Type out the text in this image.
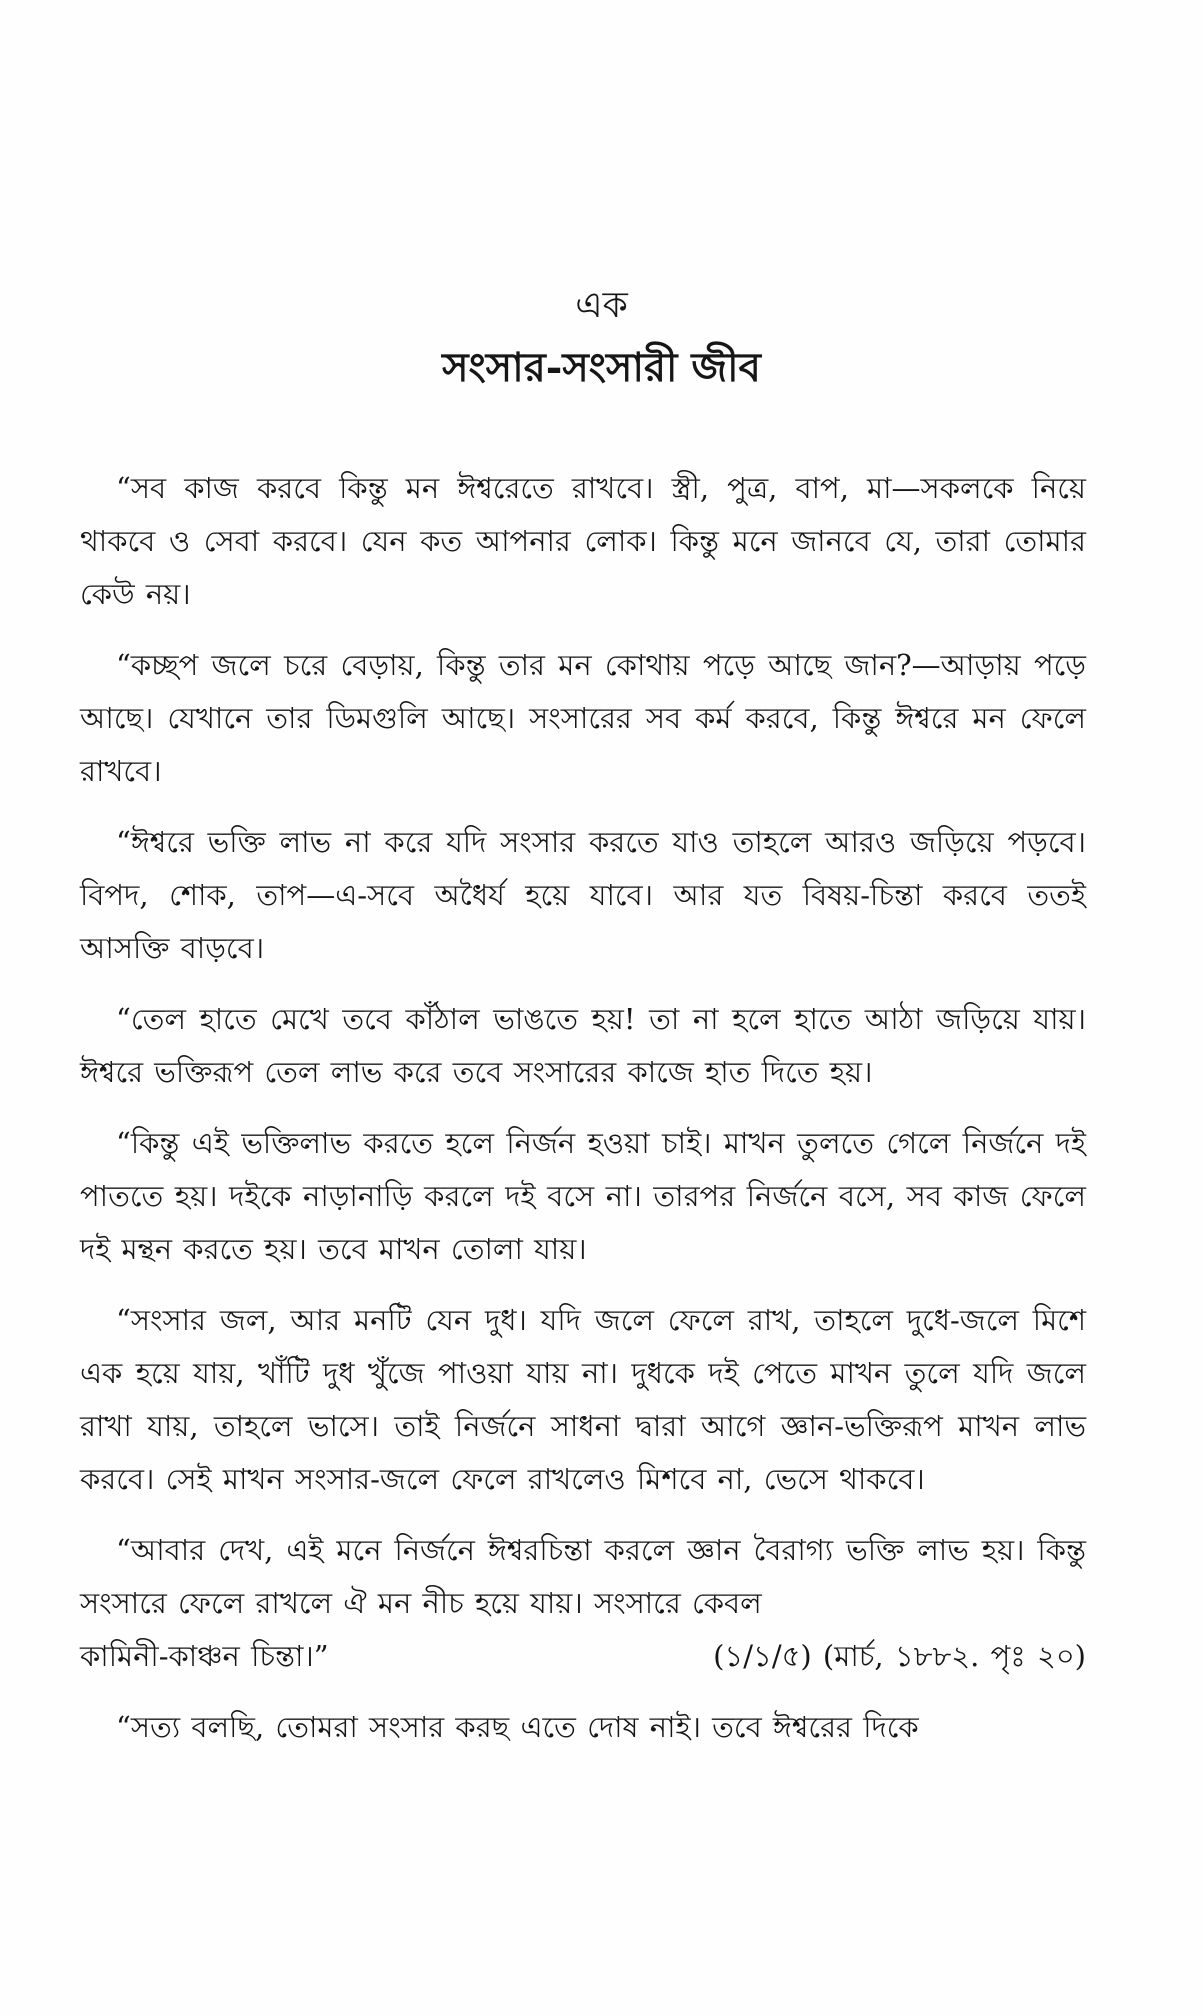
এক
সংসার-সংসারী জীব

“সব কাজ করবে কিন্তু মন ঈশ্বরেতে রাখবে। স্ত্রী, পুত্র, বাপ, মা—সকলকে নিয়ে থাকবে ও সেবা করবে। যেন কত আপনার লোক। কিন্তু মনে জানবে যে, তারা তোমার কেউ নয়।

“কচ্ছপ জলে চরে বেড়ায়, কিন্তু তার মন কোথায় পড়ে আছে জান?—আড়ায় পড়ে আছে। যেখানে তার ডিমগুলি আছে। সংসারের সব কর্ম করবে, কিন্তু ঈশ্বরে মন ফেলে রাখবে।

“ঈশ্বরে ভক্তি লাভ না করে যদি সংসার করতে যাও তাহলে আরও জড়িয়ে পড়বে। বিপদ, শোক, তাপ—এ-সবে অধৈর্য হয়ে যাবে। আর যত বিষয়-চিন্তা করবে ততই আসক্তি বাড়বে।

“তেল হাতে মেখে তবে কাঁঠাল ভাঙতে হয়! তা না হলে হাতে আঠা জড়িয়ে যায়। ঈশ্বরে ভক্তিরূপ তেল লাভ করে তবে সংসারের কাজে হাত দিতে হয়।

“কিন্তু এই ভক্তিলাভ করতে হলে নির্জন হওয়া চাই। মাখন তুলতে গেলে নির্জনে দই পাততে হয়। দইকে নাড়ানাড়ি করলে দই বসে না। তারপর নির্জনে বসে, সব কাজ ফেলে দই মন্থন করতে হয়। তবে মাখন তোলা যায়।

“সংসার জল, আর মনটি যেন দুধ। যদি জলে ফেলে রাখ, তাহলে দুধে-জলে মিশে এক হয়ে যায়, খাঁটি দুধ খুঁজে পাওয়া যায় না। দুধকে দই পেতে মাখন তুলে যদি জলে রাখা যায়, তাহলে ভাসে। তাই নির্জনে সাধনা দ্বারা আগে জ্ঞান-ভক্তিরূপ মাখন লাভ করবে। সেই মাখন সংসার-জলে ফেলে রাখলেও মিশবে না, ভেসে থাকবে।

“আবার দেখ, এই মনে নির্জনে ঈশ্বরচিন্তা করলে জ্ঞান বৈরাগ্য ভক্তি লাভ হয়। কিন্তু সংসারে ফেলে রাখলে ঐ মন নীচ হয়ে যায়। সংসারে কেবল
কামিনী-কাঞ্চন চিন্তা।”	(১/১/৫) (মার্চ, ১৮৮২. পৃঃ ২০)

“সত্য বলছি, তোমরা সংসার করছ এতে দোষ নাই। তবে ঈশ্বরের দিকে
